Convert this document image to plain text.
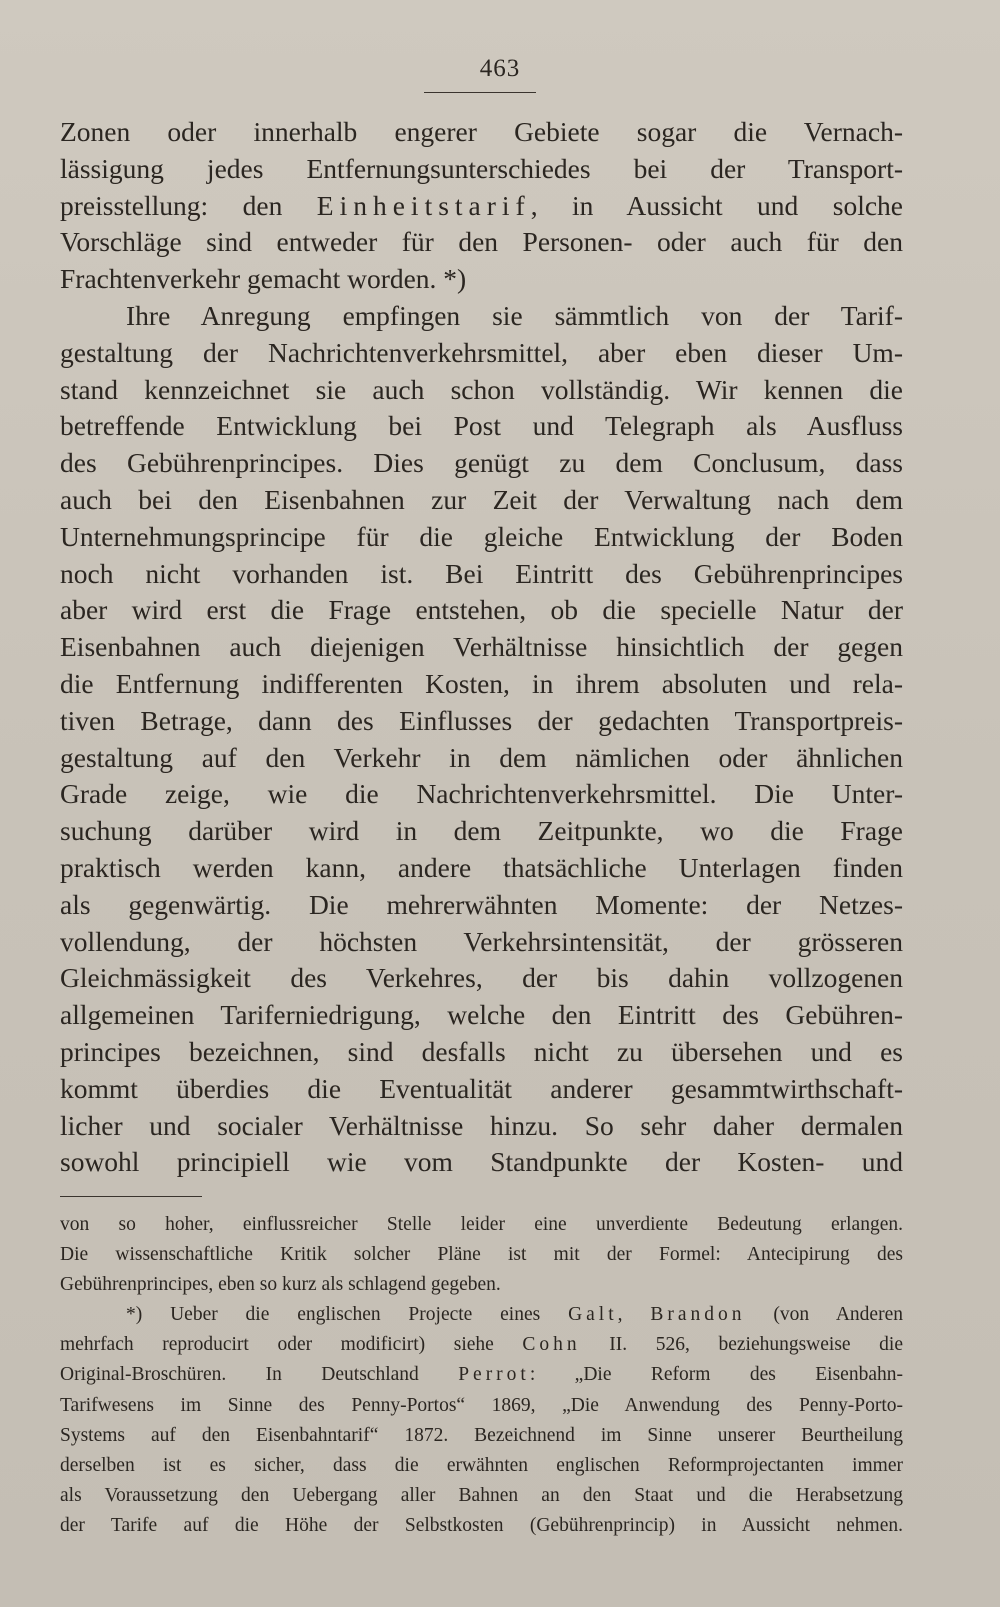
463
Zonen oder innerhalb engerer Gebiete sogar die Vernach-
lässigung jedes Entfernungsunterschiedes bei der Transport-
preisstellung: den Einheitstarif, in Aussicht und solche
Vorschläge sind entweder für den Personen- oder auch für den
Frachtenverkehr gemacht worden. *)
Ihre Anregung empfingen sie sämmtlich von der Tarif-
gestaltung der Nachrichtenverkehrsmittel, aber eben dieser Um-
stand kennzeichnet sie auch schon vollständig. Wir kennen die
betreffende Entwicklung bei Post und Telegraph als Ausfluss
des Gebührenprincipes. Dies genügt zu dem Conclusum, dass
auch bei den Eisenbahnen zur Zeit der Verwaltung nach dem
Unternehmungsprincipe für die gleiche Entwicklung der Boden
noch nicht vorhanden ist. Bei Eintritt des Gebührenprincipes
aber wird erst die Frage entstehen, ob die specielle Natur der
Eisenbahnen auch diejenigen Verhältnisse hinsichtlich der gegen
die Entfernung indifferenten Kosten, in ihrem absoluten und rela-
tiven Betrage, dann des Einflusses der gedachten Transportpreis-
gestaltung auf den Verkehr in dem nämlichen oder ähnlichen
Grade zeige, wie die Nachrichtenverkehrsmittel. Die Unter-
suchung darüber wird in dem Zeitpunkte, wo die Frage
praktisch werden kann, andere thatsächliche Unterlagen finden
als gegenwärtig. Die mehrerwähnten Momente: der Netzes-
vollendung, der höchsten Verkehrsintensität, der grösseren
Gleichmässigkeit des Verkehres, der bis dahin vollzogenen
allgemeinen Tariferniedrigung, welche den Eintritt des Gebühren-
principes bezeichnen, sind desfalls nicht zu übersehen und es
kommt überdies die Eventualität anderer gesammtwirthschaft-
licher und socialer Verhältnisse hinzu. So sehr daher dermalen
sowohl principiell wie vom Standpunkte der Kosten- und
von so hoher, einflussreicher Stelle leider eine unverdiente Bedeutung erlangen.
Die wissenschaftliche Kritik solcher Pläne ist mit der Formel: Antecipirung des
Gebührenprincipes, eben so kurz als schlagend gegeben.
*) Ueber die englischen Projecte eines Galt, Brandon (von Anderen
mehrfach reproducirt oder modificirt) siehe Cohn II. 526, beziehungsweise die
Original-Broschüren. In Deutschland Perrot: „Die Reform des Eisenbahn-
Tarifwesens im Sinne des Penny-Portos“ 1869, „Die Anwendung des Penny-Porto-
Systems auf den Eisenbahntarif“ 1872. Bezeichnend im Sinne unserer Beurtheilung
derselben ist es sicher, dass die erwähnten englischen Reformprojectanten immer
als Voraussetzung den Uebergang aller Bahnen an den Staat und die Herabsetzung
der Tarife auf die Höhe der Selbstkosten (Gebührenprincip) in Aussicht nehmen.
